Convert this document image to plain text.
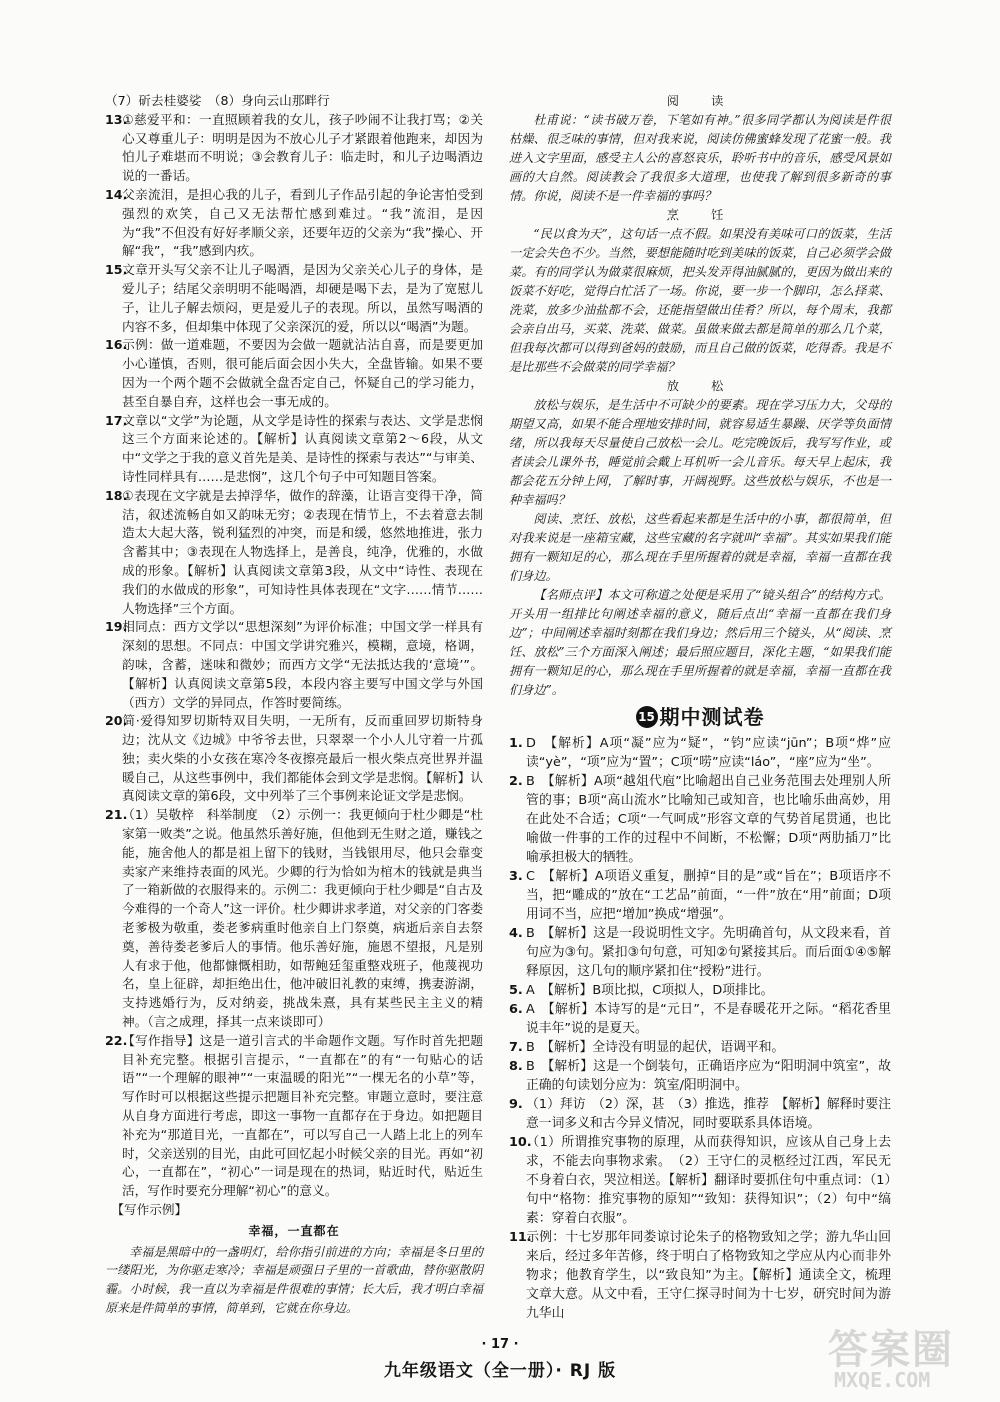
（7）斫去桂婆娑　（8）身向云山那畔行

13.①慈爱平和：一直照顾着我的女儿，孩子吵闹不让我打骂；②关心又尊重儿子：明明是因为不放心儿子才紧跟着他跑来，却因为怕儿子难堪而不明说；③会教育儿子：临走时，和儿子边喝酒边说的一番话。

14.父亲流泪，是担心我的儿子，看到儿子作品引起的争论害怕受到强烈的欢笑，自己又无法帮忙感到难过。“我”流泪，是因为“我”不但没有好好孝顺父亲，还要年迈的父亲为“我”操心、开解“我”，“我”感到内疚。

15.文章开头写父亲不让儿子喝酒，是因为父亲关心儿子的身体，是爱儿子；结尾父亲明明不能喝酒，却硬是喝下去，是为了宽慰儿子，让儿子解去烦闷，更是爱儿子的表现。所以，虽然写喝酒的内容不多，但却集中体现了父亲深沉的爱，所以以“喝酒”为题。

16.示例：做一道难题，不要因为会做一题就沾沾自喜，而是要更加小心谨慎，否则，很可能后面会因小失大，全盘皆输。如果不要因为一个两个题不会做就全盘否定自己，怀疑自己的学习能力，甚至自暴自弃，这样也会一事无成的。

17.文章以“文学”为论题，从文学是诗性的探索与表达、文学是悲悯这三个方面来论述的。【解析】认真阅读文章第2～6段，从文中“文学之于我的意义首先是美、是诗性的探索与表达”“与审美、诗性同样具有……是悲悯”，这几个句子中可知题目答案。

18.①表现在文字就是去掉浮华，做作的辞藻，让语言变得干净，简洁，叙述流畅自如又韵味无穷；②表现在情节上，不去着意去制造太大起大落，锐利猛烈的冲突，而是和缓，悠然地推进，张力含蓄其中；③表现在人物选择上，是善良，纯净，优雅的，水做成的形象。【解析】认真阅读文章第3段，从文中“诗性、表现在我们的水做成的形象”，可知诗性具体表现在“文字……情节……人物选择”三个方面。

19.相同点：西方文学以“思想深刻”为评价标准；中国文学一样具有深刻的思想。不同点：中国文学讲究雅兴，模糊，意境，格调，韵味，含蓄，迷味和微妙；而西方文学“无法抵达我的‘意境’”。【解析】认真阅读文章第5段，本段内容主要写中国文学与外国（西方）文学的异同点，作答时要简练。

20.简·爱得知罗切斯特双目失明，一无所有，反而重回罗切斯特身边；沈从文《边城》中爷爷去世，只翠翠一个小人儿守着一片孤独；卖火柴的小女孩在寒冷冬夜擦亮最后一根火柴点亮世界并温暖自己，从这些事例中，我们都能体会到文学是悲悯。【解析】认真阅读文章的第6段，文中列举了三个事例来论证文学是悲悯。

21.（1）吴敬梓　科举制度　（2）示例一：我更倾向于杜少卿是“杜家第一败类”之说。他虽然乐善好施，但他到无生财之道，赚钱之能，施舍他人的都是祖上留下的钱财，当钱银用尽，他只会靠变卖家产来维持表面的风光。少卿的行为恰如为棺木的钱就是典当了一箱新做的衣服得来的。示例二：我更倾向于杜少卿是“自古及今难得的一个奇人”这一评价。杜少卿讲求孝道，对父亲的门客娄老爹极为敬重，娄老爹病重时他亲自上门祭奠，病逝后亲自去祭奠，善待娄老爹后人的事情。他乐善好施，施恩不望报，凡是别人有求于他，他都慷慨相助，如帮鲍廷玺重整戏班子，他蔑视功名，皇上征辟，却拒绝出仕，他冲破旧礼教的束缚，携妻游湖，支持逃婚行为，反对纳妾，挑战朱熹，具有某些民主主义的精神。（言之成理，择其一点来谈即可）

22.【写作指导】这是一道引言式的半命题作文题。写作时首先把题目补充完整。根据引言提示，“一直都在”的有“一句贴心的话语”“一个理解的眼神”“一束温暖的阳光”“一棵无名的小草”等，写作时可以根据这些提示把题目补充完整。审题立意时，要注意从自身方面进行考虑，即这一事物一直都存在于身边。如把题目补充为“那道目光，一直都在”，可以写自己一人踏上北上的列车时，父亲送别的目光，由此可回忆起小时候父亲的目光。再如“初心，一直都在”，“初心”一词是现在的热词，贴近时代，贴近生活，写作时要充分理解“初心”的意义。

　【写作示例】

幸福，一直都在

幸福是黑暗中的一盏明灯，给你指引前进的方向；幸福是冬日里的一缕阳光，为你驱走寒冷；幸福是顽强日子里的一首歌曲，替你驱散阴霾。小时候，我一直以为幸福是件很难的事情；长大后，我才明白幸福原来是件简单的事情，简单到，它就在你身边。

阅　读

杜甫说：“读书破万卷，下笔如有神。”很多同学都认为阅读是件很枯燥、很乏味的事情，但对我来说，阅读仿佛蜜蜂发现了花蜜一般。我进入文字里面，感受主人公的喜怒哀乐，聆听书中的音乐，感受风景如画的大自然。阅读教会了我很多大道理，也使我了解到很多新奇的事情。你说，阅读不是一件幸福的事吗？

烹　饪

“民以食为天”，这句话一点不假。如果没有美味可口的饭菜，生活一定会失色不少。当然，要想能随时吃到美味的饭菜，自己必须学会做菜。有的同学认为做菜很麻烦，把头发弄得油腻腻的，更因为做出来的饭菜不好吃，觉得白忙活了一场。你说，要一步一个脚印，怎么择菜、洗菜，放多少油盐都不会，还能指望做出佳肴？所以，每个周末，我都会亲自出马，买菜、洗菜、做菜。虽做来做去都是简单的那么几个菜，但我每次都可以得到爸妈的鼓励，而且自己做的饭菜，吃得香。我是不是比那些不会做菜的同学幸福？

放　松

放松与娱乐，是生活中不可缺少的要素。现在学习压力大，父母的期望又高，如果不能合理地安排时间，就容易适生暴躁、厌学等负面情绪，所以我每天尽量使自己放松一会儿。吃完晚饭后，我写写作业，或者读会儿课外书，睡觉前会戴上耳机听一会儿音乐。每天早上起床，我都会花五分钟上网，了解时事，开阔视野。这些放松与娱乐，不也是一种幸福吗？

阅读、烹饪、放松，这些看起来都是生活中的小事，都很简单，但对我来说是一座箱宝藏，这些宝藏的名字就叫“幸福”。其实如果我们能拥有一颗知足的心，那么现在手里所握着的就是幸福，幸福一直都在我们身边。

【名师点评】本文可称道之处便是采用了“镜头组合”的结构方式。开头用一组排比句阐述幸福的意义，随后点出“幸福一直都在我们身边”；中间阐述幸福时刻都在我们身边；然后用三个镜头，从“阅读、烹饪、放松”三个方面深入阐述；最后照应题目，深化主题，“如果我们能拥有一颗知足的心，那么现在手里所握着的就是幸福，幸福一直都在我们身边”。

15 期中测试卷

1. D　【解析】A项“凝”应为“疑”，“钧”应读“jūn”；B项“烨”应读“yè”，“项”应为“置”；C项“唠”应读“láo”，“座”应为“坐”。

2. B　【解析】A项“越俎代庖”比喻超出自己业务范围去处理别人所管的事；B项“高山流水”比喻知己或知音，也比喻乐曲高妙，用在此处不合适；C项“一气呵成”形容文章的气势首尾贯通，也比喻做一件事的工作的过程中不间断，不松懈；D项“两肋插刀”比喻承担极大的牺牲。

3. C　【解析】A项语义重复，删掉“目的是”或“旨在”；B项语序不当，把“雕成的”放在“工艺品”前面，“一件”放在“用”前面；D项用词不当，应把“增加”换成“增强”。

4. B　【解析】这是一段说明性文字。先明确首句，从文段来看，首句应为③句。紧扣③句句意，可知②句紧接其后。而后面①④⑤解释原因，这几句的顺序紧扣住“授粉”进行。

5. A　【解析】B项比拟，C项拟人，D项排比。

6. A　【解析】本诗写的是“元日”，不是春暖花开之际。“稻花香里说丰年”说的是夏天。

7. B　【解析】全诗没有明显的起伏，语调平和。

8. B　【解析】这是一个倒装句，正确语序应为“阳明洞中筑室”，故正确的句读划分应为：筑室/阳明洞中。

9. （1）拜访　（2）深，甚　（3）推选，推荐　【解析】解释时要注意一词多义和古今异义情况，同时要联系具体语境。

10.（1）所谓推究事物的原理，从而获得知识，应该从自己身上去求，不能去向事物求索。　（2）王守仁的灵柩经过江西，军民无不身着白衣，哭泣相送。【解析】翻译时要抓住句中重点词：（1）句中“格物：推究事物的原知”“致知：获得知识”；（2）句中“缟素：穿着白衣服”。

11.示例：十七岁那年同娄谅讨论朱子的格物致知之学；游九华山回来后，经过多年苦修，终于明白了格物致知之学应从内心而非外物求；他教育学生，以“致良知”为主。【解析】通读全文，梳理文章大意。从文中看，王守仁探寻时间为十七岁，研究时间为游九华山

· 17 ·
九年级语文（全一册）· RJ 版	答案圈
MXQE.COM
